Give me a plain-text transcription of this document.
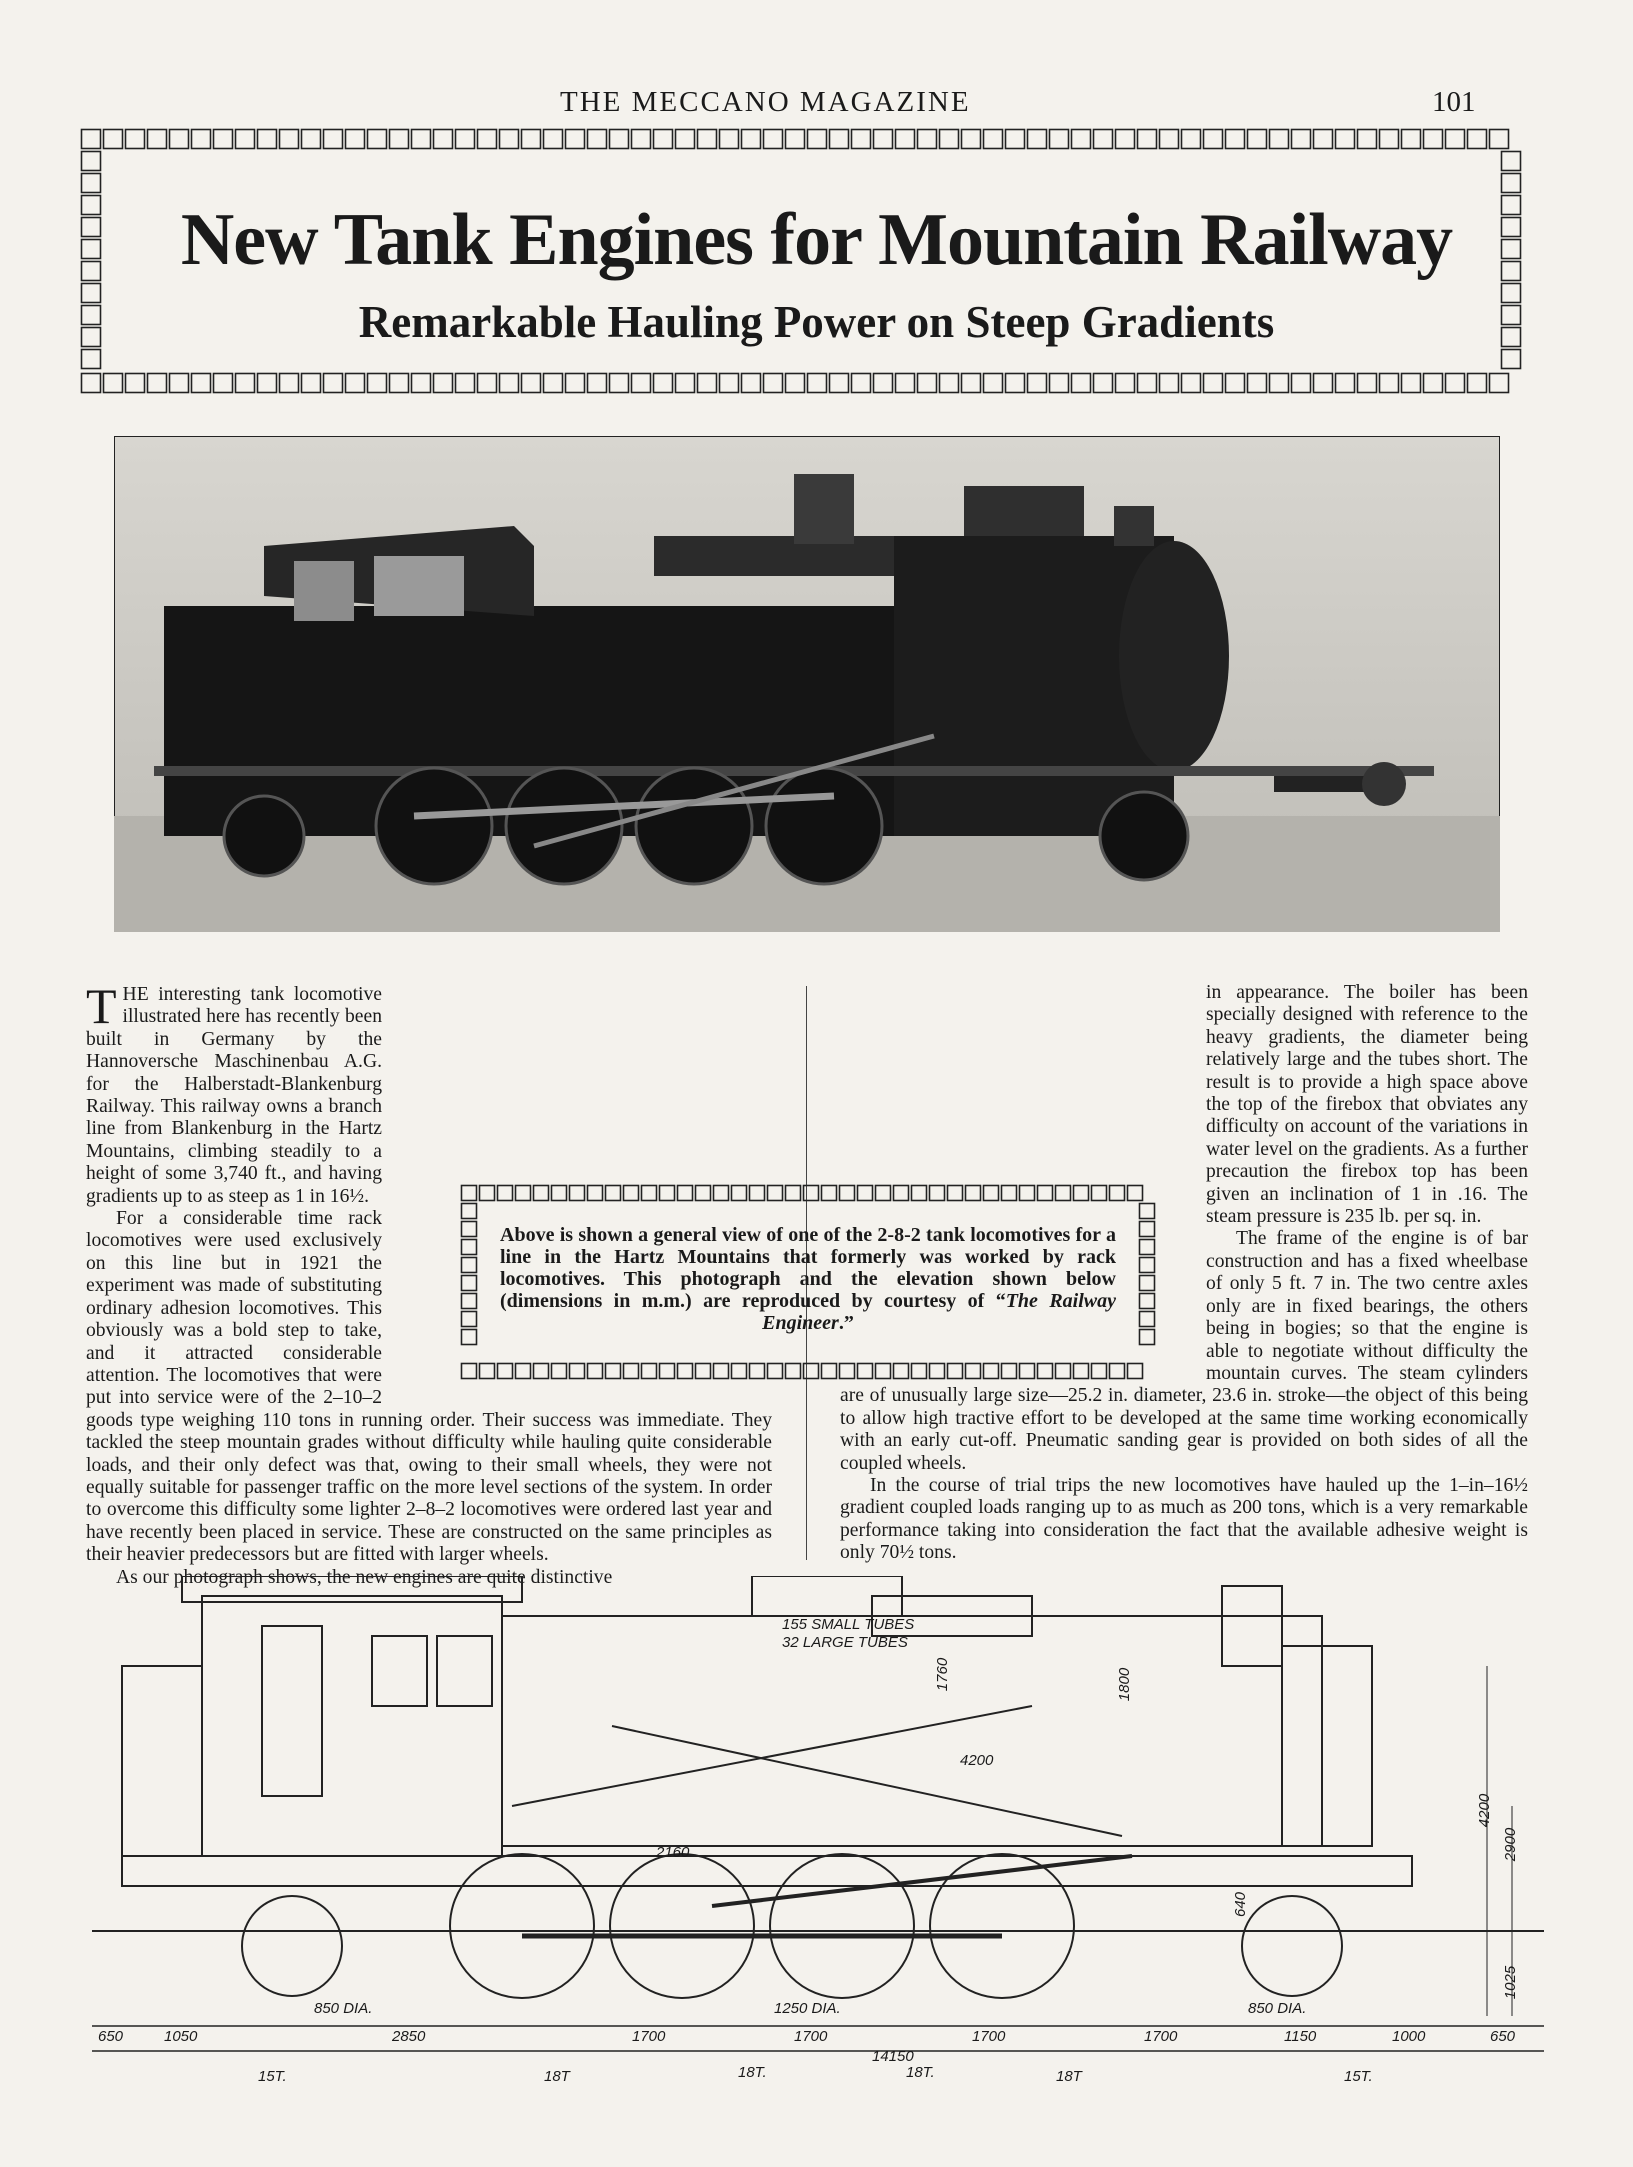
THE MECCANO MAGAZINE	101
New Tank Engines for Mountain Railway
Remarkable Hauling Power on Steep Gradients

THE interesting tank locomotive illustrated here has recently been built in Germany by the Hannoversche Maschinenbau A.G. for the Halberstadt-Blankenburg Railway. This railway owns a branch line from Blankenburg in the Hartz Mountains, climbing steadily to a height of some 3,740 ft., and having gradients up to as steep as 1 in 16½.

For a considerable time rack locomotives were used exclusively on this line but in 1921 the experiment was made of substituting ordinary adhesion locomotives. This obviously was a bold step to take, and it attracted considerable attention. The locomotives that were put into service were of the 2–10–2 goods type weighing 110 tons in running order. Their success was immediate. They tackled the steep mountain grades without difficulty while hauling quite considerable loads, and their only defect was that, owing to their small wheels, they were not equally suitable for passenger traffic on the more level sections of the system. In order to overcome this difficulty some lighter 2–8–2 locomotives were ordered last year and have recently been placed in service. These are constructed on the same principles as their heavier predecessors but are fitted with larger wheels.

As our photograph shows, the new engines are quite distinctive

in appearance. The boiler has been specially designed with reference to the heavy gradients, the diameter being relatively large and the tubes short. The result is to provide a high space above the top of the firebox that obviates any difficulty on account of the variations in water level on the gradients. As a further precaution the firebox top has been given an inclination of 1 in .16. The steam pressure is 235 lb. per sq. in.

The frame of the engine is of bar construction and has a fixed wheelbase of only 5 ft. 7 in. The two centre axles only are in fixed bearings, the others being in bogies; so that the engine is able to negotiate without difficulty the mountain curves. The steam cylinders are of unusually large size—25.2 in. diameter, 23.6 in. stroke—the object of this being to allow high tractive effort to be developed at the same time working economically with an early cut-off. Pneumatic sanding gear is provided on both sides of all the coupled wheels.

In the course of trial trips the new locomotives have hauled up the 1–in–16½ gradient coupled loads ranging up to as much as 200 tons, which is a very remarkable performance taking into consideration the fact that the available adhesive weight is only 70½ tons.

Above is shown a general view of one of the 2-8-2 tank locomotives for a line in the Hartz Mountains that formerly was worked by rack locomotives. This photograph and the elevation shown below (dimensions in m.m.) are reproduced by courtesy of “The Railway Engineer.”
155 SMALL TUBES
32 LARGE TUBES
1760	1800
4200
4200
2900
2160
640
1025
850 DIA.	1250 DIA.	850 DIA.
650	1050	2850	1700	1700	1700	1700	1150	1000	650
14150
15T.	18T	18T.	18T.	18T	15T.
